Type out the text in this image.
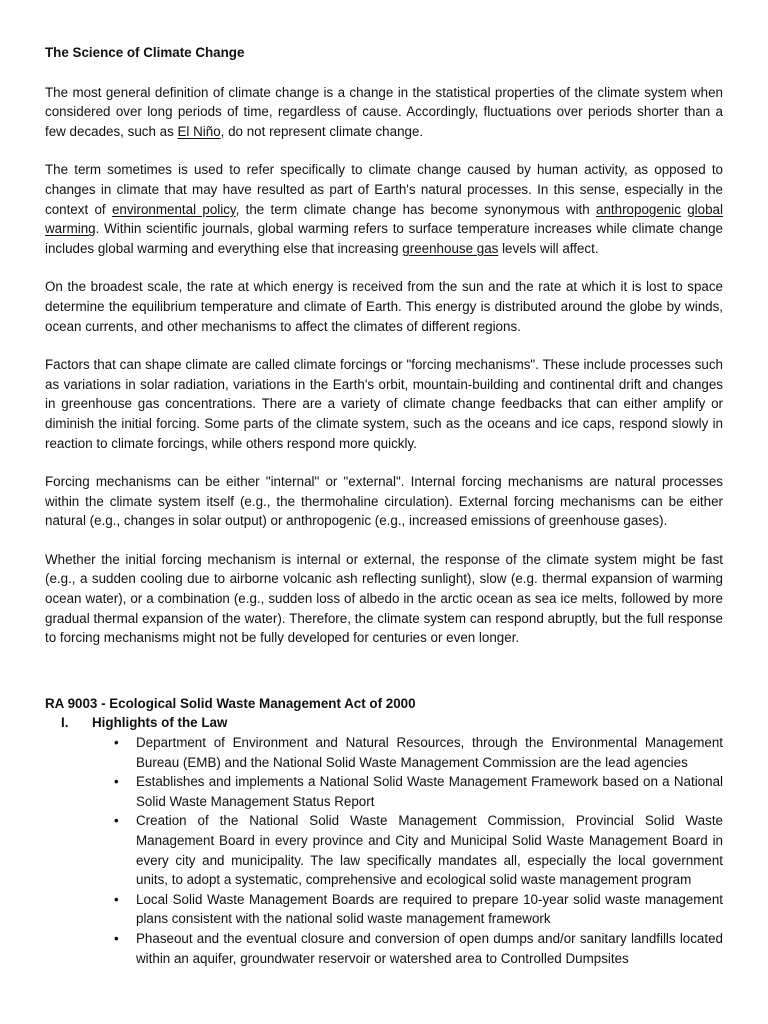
The Science of Climate Change
The most general definition of climate change is a change in the statistical properties of the climate system when considered over long periods of time, regardless of cause. Accordingly, fluctuations over periods shorter than a few decades, such as El Niño, do not represent climate change.
The term sometimes is used to refer specifically to climate change caused by human activity, as opposed to changes in climate that may have resulted as part of Earth's natural processes. In this sense, especially in the context of environmental policy, the term climate change has become synonymous with anthropogenic global warming. Within scientific journals, global warming refers to surface temperature increases while climate change includes global warming and everything else that increasing greenhouse gas levels will affect.
On the broadest scale, the rate at which energy is received from the sun and the rate at which it is lost to space determine the equilibrium temperature and climate of Earth. This energy is distributed around the globe by winds, ocean currents, and other mechanisms to affect the climates of different regions.
Factors that can shape climate are called climate forcings or "forcing mechanisms". These include processes such as variations in solar radiation, variations in the Earth's orbit, mountain-building and continental drift and changes in greenhouse gas concentrations. There are a variety of climate change feedbacks that can either amplify or diminish the initial forcing. Some parts of the climate system, such as the oceans and ice caps, respond slowly in reaction to climate forcings, while others respond more quickly.
Forcing mechanisms can be either "internal" or "external". Internal forcing mechanisms are natural processes within the climate system itself (e.g., the thermohaline circulation). External forcing mechanisms can be either natural (e.g., changes in solar output) or anthropogenic (e.g., increased emissions of greenhouse gases).
Whether the initial forcing mechanism is internal or external, the response of the climate system might be fast (e.g., a sudden cooling due to airborne volcanic ash reflecting sunlight), slow (e.g. thermal expansion of warming ocean water), or a combination (e.g., sudden loss of albedo in the arctic ocean as sea ice melts, followed by more gradual thermal expansion of the water). Therefore, the climate system can respond abruptly, but the full response to forcing mechanisms might not be fully developed for centuries or even longer.
RA 9003 - Ecological Solid Waste Management Act of 2000
I.	Highlights of the Law
• Department of Environment and Natural Resources, through the Environmental Management Bureau (EMB) and the National Solid Waste Management Commission are the lead agencies
• Establishes and implements a National Solid Waste Management Framework based on a National Solid Waste Management Status Report
• Creation of the National Solid Waste Management Commission, Provincial Solid Waste Management Board in every province and City and Municipal Solid Waste Management Board in every city and municipality. The law specifically mandates all, especially the local government units, to adopt a systematic, comprehensive and ecological solid waste management program
• Local Solid Waste Management Boards are required to prepare 10-year solid waste management plans consistent with the national solid waste management framework
• Phaseout and the eventual closure and conversion of open dumps and/or sanitary landfills located within an aquifer, groundwater reservoir or watershed area to Controlled Dumpsites
